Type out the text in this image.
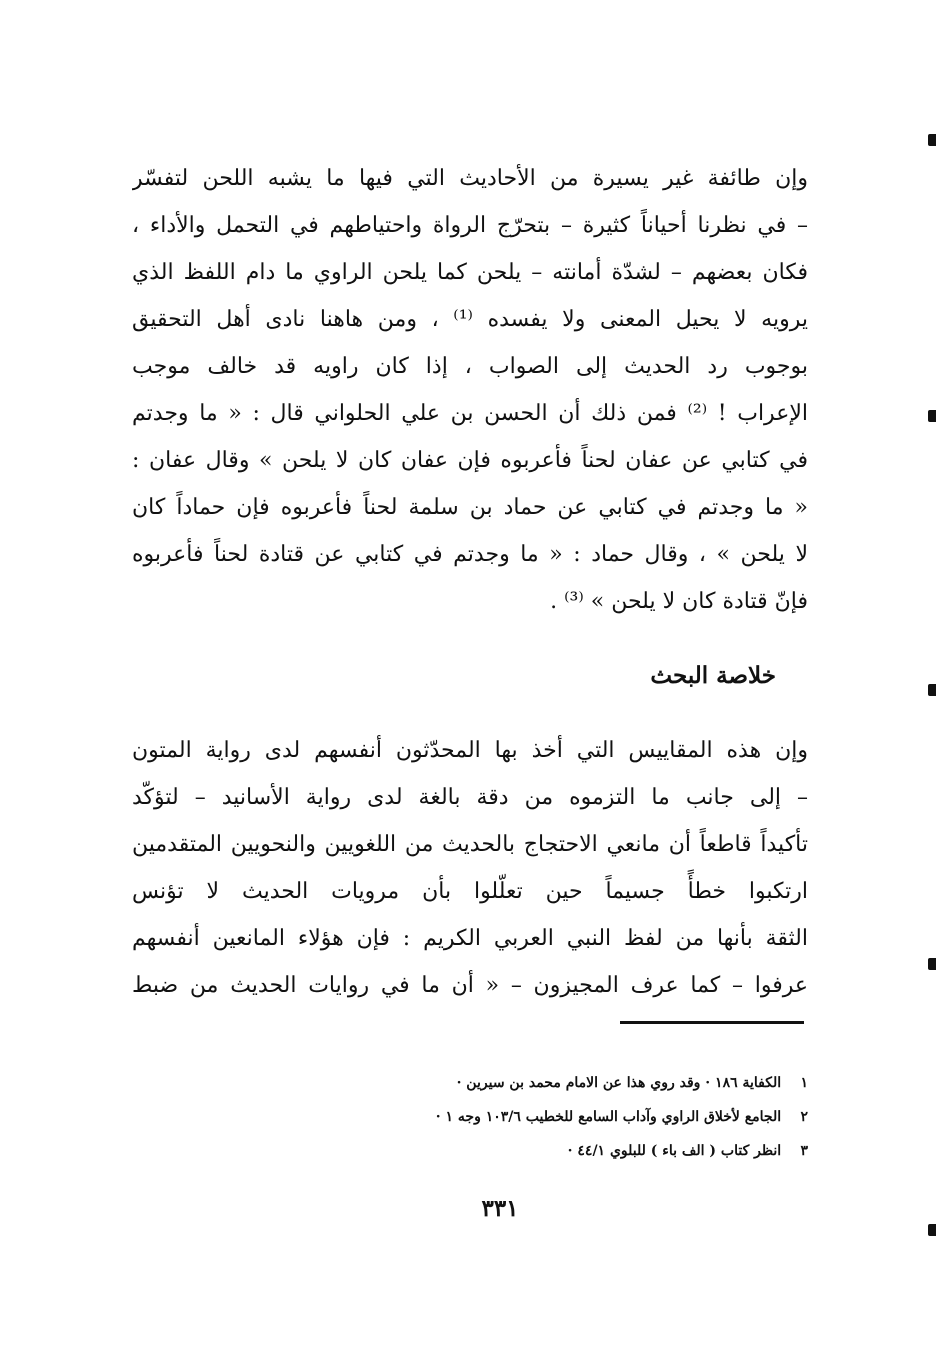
وإن طائفة غير يسيرة من الأحاديث التي فيها ما يشبه اللحن لتفسّر
– في نظرنا أحياناً كثيرة – بتحرّج الرواة واحتياطهم في التحمل والأداء ،
فكان بعضهم – لشدّة أمانته – يلحن كما يلحن الراوي ما دام اللفظ الذي
يرويه لا يحيل المعنى ولا يفسده ⁽¹⁾ ، ومن هاهنا نادى أهل التحقيق
بوجوب رد الحديث إلى الصواب ، إذا كان راويه قد خالف موجب
الإعراب ! ⁽²⁾ فمن ذلك أن الحسن بن علي الحلواني قال : « ما وجدتم
في كتابي عن عفان لحناً فأعربوه فإن عفان كان لا يلحن » وقال عفان :
« ما وجدتم في كتابي عن حماد بن سلمة لحناً فأعربوه فإن حماداً كان
لا يلحن » ، وقال حماد : « ما وجدتم في كتابي عن قتادة لحناً فأعربوه
فإنّ قتادة كان لا يلحن » ⁽³⁾ .
خلاصة البحث
وإن هذه المقاييس التي أخذ بها المحدّثون أنفسهم لدى رواية المتون
– إلى جانب ما التزموه من دقة بالغة لدى رواية الأسانيد – لتؤكّد
تأكيداً قاطعاً أن مانعي الاحتجاج بالحديث من اللغويين والنحويين المتقدمين
ارتكبوا خطأً جسيماً حين تعلّلوا بأن مرويات الحديث لا تؤنس
الثقة بأنها من لفظ النبي العربي الكريم : فإن هؤلاء المانعين أنفسهم
عرفوا – كما عرف المجيزون – « أن ما في روايات الحديث من ضبط
١ الكفاية ١٨٦ · وقد روي هذا عن الامام محمد بن سيرين ·
٢ الجامع لأخلاق الراوي وآداب السامع للخطيب ١٠٣/٦ وجه ١ ·
٣ انظر كتاب ( الف باء ) للبلوي ٤٤/١ ·
٣٣١
